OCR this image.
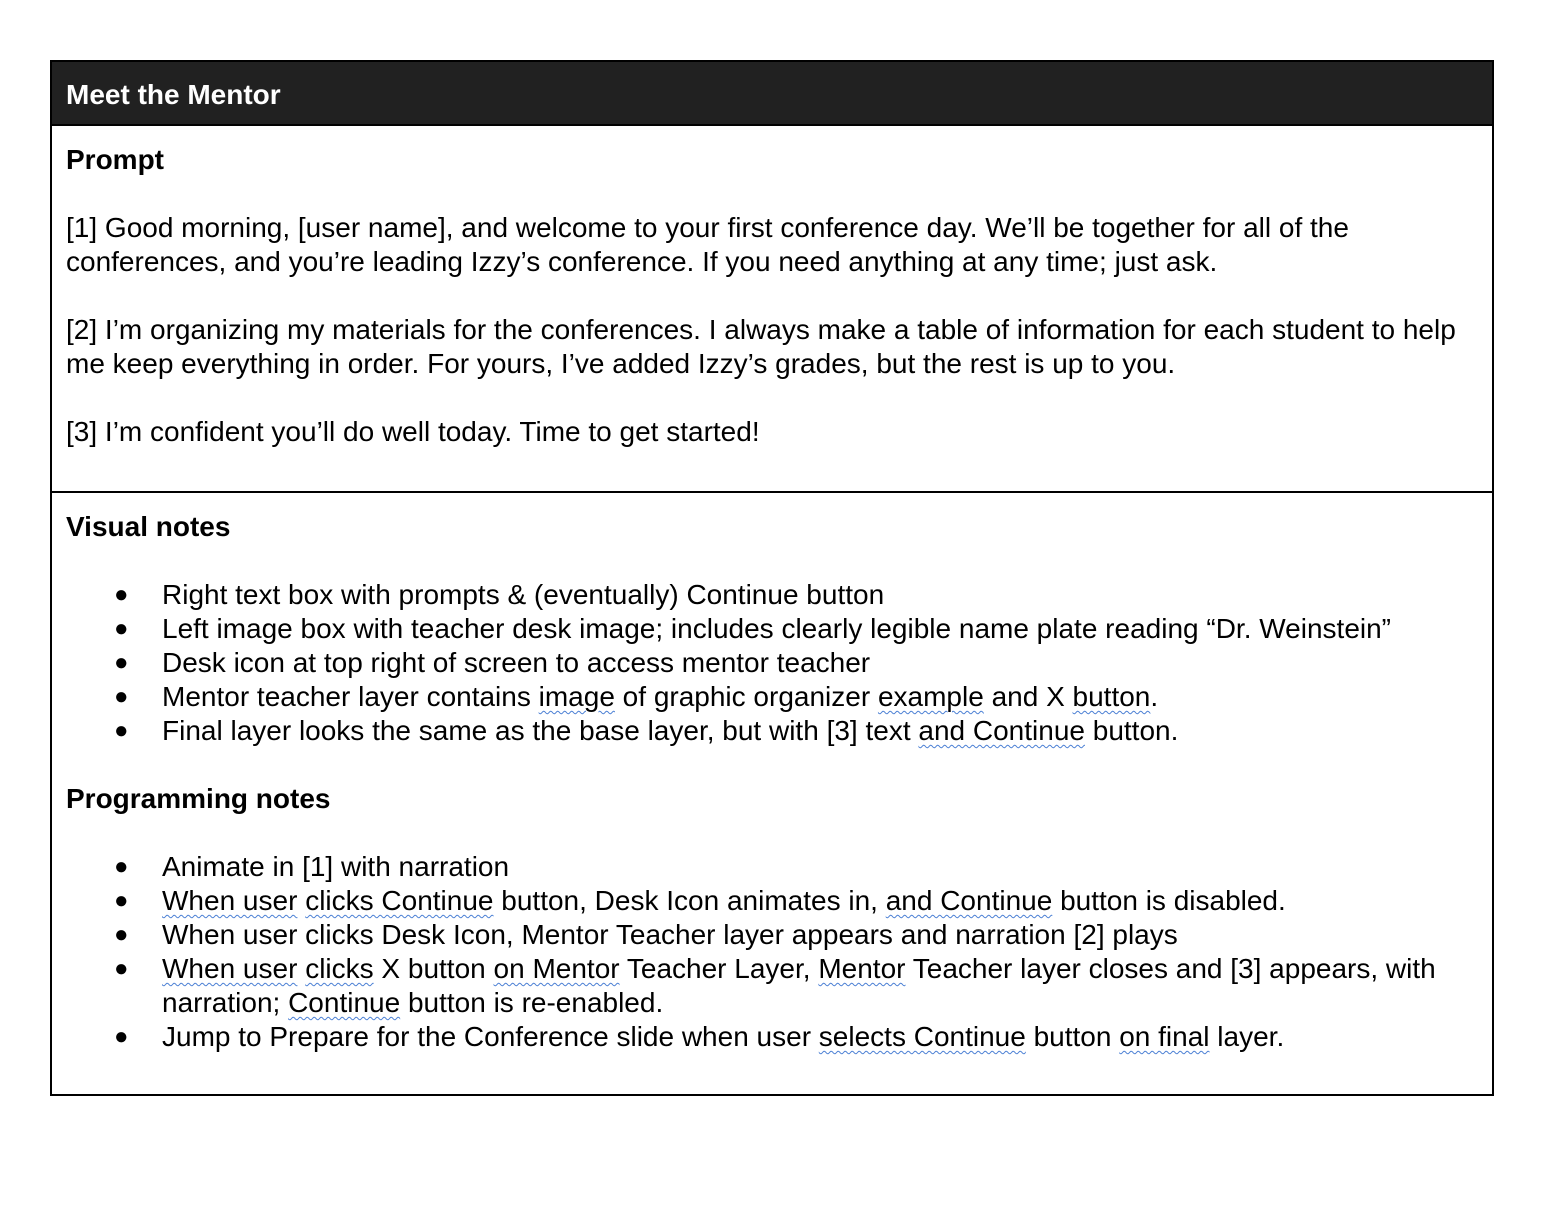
Meet the Mentor

Prompt

[1] Good morning, [user name], and welcome to your first conference day. We’ll be together for all of the conferences, and you’re leading Izzy’s conference. If you need anything at any time; just ask.

[2] I’m organizing my materials for the conferences. I always make a table of information for each student to help me keep everything in order. For yours, I’ve added Izzy’s grades, but the rest is up to you.

[3] I’m confident you’ll do well today. Time to get started!

Visual notes

● Right text box with prompts & (eventually) Continue button
● Left image box with teacher desk image; includes clearly legible name plate reading “Dr. Weinstein”
● Desk icon at top right of screen to access mentor teacher
● Mentor teacher layer contains image of graphic organizer example and X button.
● Final layer looks the same as the base layer, but with [3] text and Continue button.

Programming notes

● Animate in [1] with narration
● When user clicks Continue button, Desk Icon animates in, and Continue button is disabled.
● When user clicks Desk Icon, Mentor Teacher layer appears and narration [2] plays
● When user clicks X button on Mentor Teacher Layer, Mentor Teacher layer closes and [3] appears, with narration; Continue button is re-enabled.
● Jump to Prepare for the Conference slide when user selects Continue button on final layer.
